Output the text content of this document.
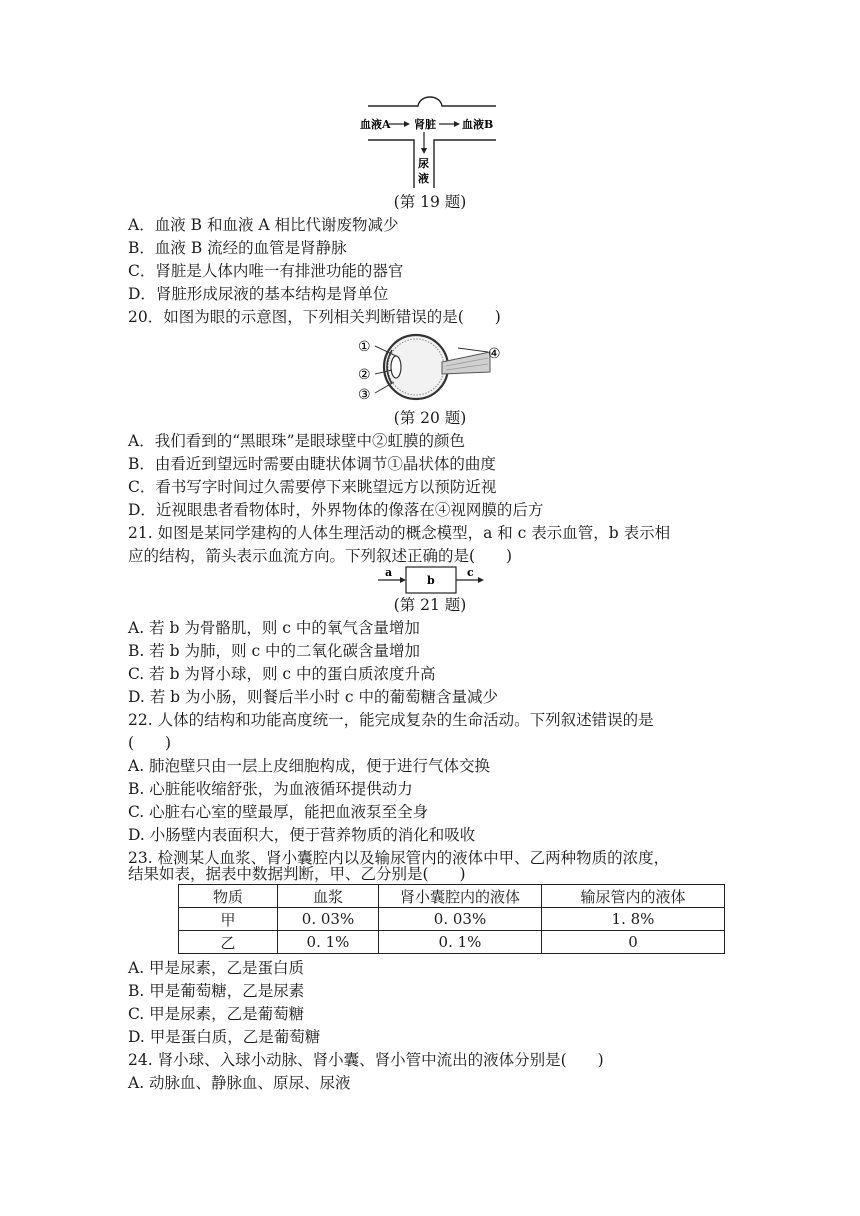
血液A 肾脏 血液B
尿
液
(第 19 题)
A．血液 B 和血液 A 相比代谢废物减少
B．血液 B 流经的血管是肾静脉
C．肾脏是人体内唯一有排泄功能的器官
D．肾脏形成尿液的基本结构是肾单位
20．如图为眼的示意图，下列相关判断错误的是(　　)
①
②
③
④
(第 20 题)
A．我们看到的“黑眼珠”是眼球壁中②虹膜的颜色
B．由看近到望远时需要由睫状体调节①晶状体的曲度
C．看书写字时间过久需要停下来眺望远方以预防近视
D．近视眼患者看物体时，外界物体的像落在④视网膜的后方
21. 如图是某同学建构的人体生理活动的概念模型，a 和 c 表示血管，b 表示相
应的结构，箭头表示血流方向。下列叙述正确的是(　　)
a
b
c
(第 21 题)
A. 若 b 为骨骼肌，则 c 中的氧气含量增加
B. 若 b 为肺，则 c 中的二氧化碳含量增加
C. 若 b 为肾小球，则 c 中的蛋白质浓度升高
D. 若 b 为小肠，则餐后半小时 c 中的葡萄糖含量减少
22. 人体的结构和功能高度统一，能完成复杂的生命活动。下列叙述错误的是
(　　)
A. 肺泡壁只由一层上皮细胞构成，便于进行气体交换
B. 心脏能收缩舒张，为血液循环提供动力
C. 心脏右心室的壁最厚，能把血液泵至全身
D. 小肠壁内表面积大，便于营养物质的消化和吸收
23. 检测某人血浆、肾小囊腔内以及输尿管内的液体中甲、乙两种物质的浓度，
结果如表，据表中数据判断，甲、乙分别是(　　)
物质	血浆	肾小囊腔内的液体	输尿管内的液体
甲	0. 03%	0. 03%	1. 8%
乙	0. 1%	0. 1%	0
A. 甲是尿素，乙是蛋白质
B. 甲是葡萄糖，乙是尿素
C. 甲是尿素，乙是葡萄糖
D. 甲是蛋白质，乙是葡萄糖
24. 肾小球、入球小动脉、肾小囊、肾小管中流出的液体分别是(　　)
A. 动脉血、静脉血、原尿、尿液
